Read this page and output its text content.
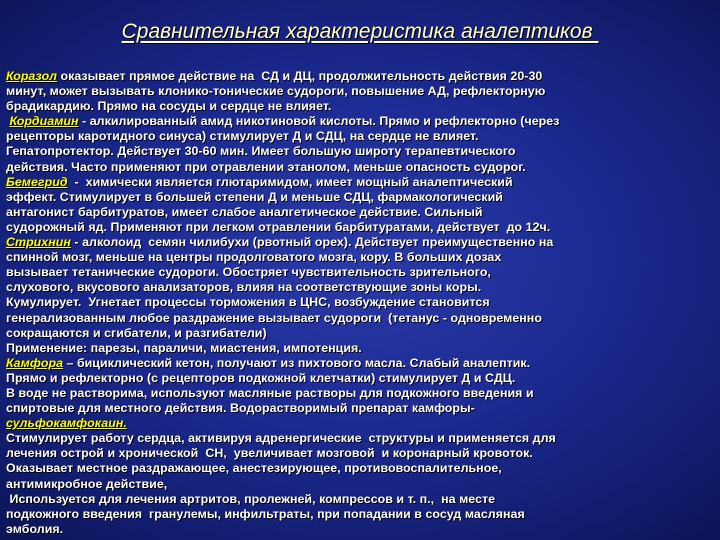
Сравнительная характеристика аналептиков
Коразол оказывает прямое действие на  СД и ДЦ, продолжительность действия 20-30
минут, может вызывать клонико-тонические судороги, повышение АД, рефлекторную
брадикардию. Прямо на сосуды и сердце не влияет.
Кордиамин - алкилированный амид никотиновой кислоты. Прямо и рефлекторно (через
рецепторы каротидного синуса) стимулирует Д и СДЦ, на сердце не влияет.
Гепатопротектор. Действует 30-60 мин. Имеет большую широту терапевтического
действия. Часто применяют при отравлении этанолом, меньше опасность судорог.
Бемегрид  -  химически является глютаримидом, имеет мощный аналептический
эффект. Стимулирует в большей степени Д и меньше СДЦ, фармакологический
антагонист барбитуратов, имеет слабое аналгетическое действие. Сильный
судорожный яд. Применяют при легком отравлении барбитуратами, действует  до 12ч.
Стрихнин - алколоид  семян чилибухи (рвотный орех). Действует преимущественно на
спинной мозг, меньше на центры продолговатого мозга, кору. В больших дозах
вызывает тетанические судороги. Обостряет чувствительность зрительного,
слухового, вкусового анализаторов, влияя на соответствующие зоны коры.
Кумулирует.  Угнетает процессы торможения в ЦНС, возбуждение становится
генерализованным любое раздражение вызывает судороги  (тетанус - одновременно
сокращаются и сгибатели, и разгибатели)
Применение: парезы, параличи, миастения, импотенция.
Камфора – бициклический кетон, получают из пихтового масла. Слабый аналептик.
Прямо и рефлекторно (с рецепторов подкожной клетчатки) стимулирует Д и СДЦ.
В воде не растворима, используют масляные растворы для подкожного введения и
спиртовые для местного действия. Водорастворимый препарат камфоры-
сульфокамфокаин.
Стимулирует работу сердца, активируя адренергические  структуры и применяется для
лечения острой и хронической  СН,  увеличивает мозговой  и коронарный кровоток.
Оказывает местное раздражающее, анестезирующее, противовоспалительное,
антимикробное действие,
Используется для лечения артритов, пролежней, компрессов и т. п.,  на месте
подкожного введения  гранулемы, инфильтраты, при попадании в сосуд масляная
эмболия.
